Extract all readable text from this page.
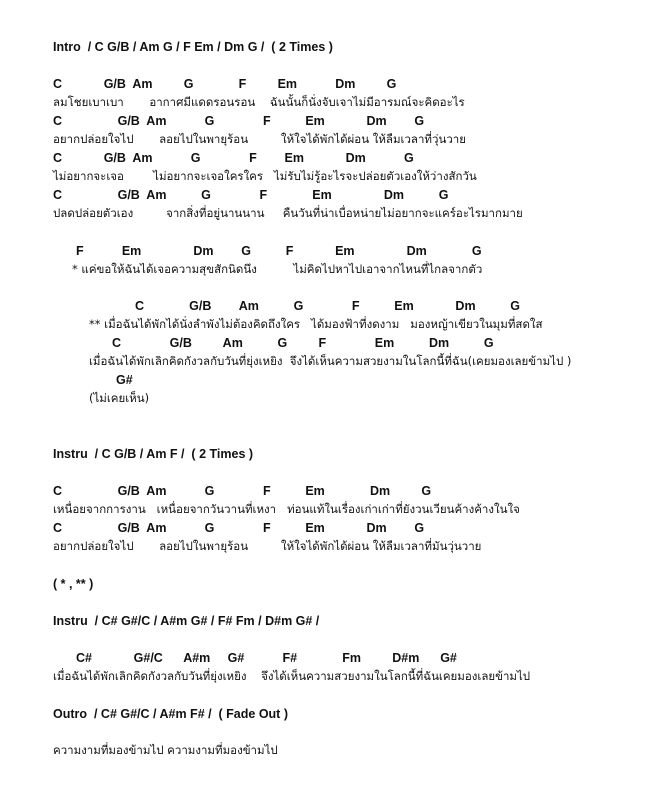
Intro  / C G/B / Am G / F Em / Dm G /  ( 2 Times )
C            G/B  Am         G             F         Em           Dm         G
ลมโชยเบาเบา       อากาศมีแดดรอนรอน    ฉันนั้นก็นั่งจับเจาไม่มีอารมณ์จะคิดอะไร
C                G/B  Am           G              F          Em            Dm        G
อยากปล่อยใจไป       ลอยไปในพายุร้อน         ให้ใจได้พักได้ผ่อน ให้ลืมเวลาที่วุ่นวาย
C            G/B  Am           G              F        Em            Dm           G
ไม่อยากจะเจอ        ไม่อยากจะเจอใครใคร   ไม่รับไม่รู้อะไรจะปล่อยตัวเองให้ว่างสักวัน
C                G/B  Am          G              F             Em               Dm          G
ปลดปล่อยตัวเอง         จากสิ่งที่อยู่นานนาน     คืนวันที่น่าเบื่อหน่ายไม่อยากจะแคร์อะไรมากมาย
F           Em               Dm        G          F            Em               Dm             G
* แค่ขอให้ฉันได้เจอความสุขสักนิดนึง          ไม่คิดไปหาไปเอาจากไหนที่ไกลจากตัว
C             G/B        Am          G              F          Em            Dm          G
** เมื่อฉันได้พักได้นั่งลำพังไม่ต้องคิดถึงใคร   ได้มองฟ้าที่งดงาม   มองหญ้าเขียวในมุมที่สดใส
C              G/B         Am          G         F              Em          Dm          G
เมื่อฉันได้พักเลิกคิดกังวลกับวันที่ยุ่งเหยิง  จึงได้เห็นความสวยงามในโลกนี้ที่ฉัน(เคยมองเลยข้ามไป )
G#
(ไม่เคยเห็น)
Instru  / C G/B / Am F /  ( 2 Times )
C                G/B  Am           G              F          Em             Dm         G
เหนื่อยจากการงาน   เหนื่อยจากวันวานที่เหงา   ท่อนแท้ในเรื่องเก่าเก่าที่ยังวนเวียนค้างค้างในใจ
C                G/B  Am           G              F          Em            Dm        G
อยากปล่อยใจไป       ลอยไปในพายุร้อน         ให้ใจได้พักได้ผ่อน ให้ลืมเวลาที่มันวุ่นวาย
( * , ** )
Instru  / C# G#/C / A#m G# / F# Fm / D#m G# /
C#            G#/C      A#m     G#           F#             Fm         D#m      G#
เมื่อฉันได้พักเลิกคิดกังวลกับวันที่ยุ่งเหยิง    จึงได้เห็นความสวยงามในโลกนี้ที่ฉันเคยมองเลยข้ามไป
Outro  / C# G#/C / A#m F# /  ( Fade Out )
ความงามที่มองข้ามไป ความงามที่มองข้ามไป
